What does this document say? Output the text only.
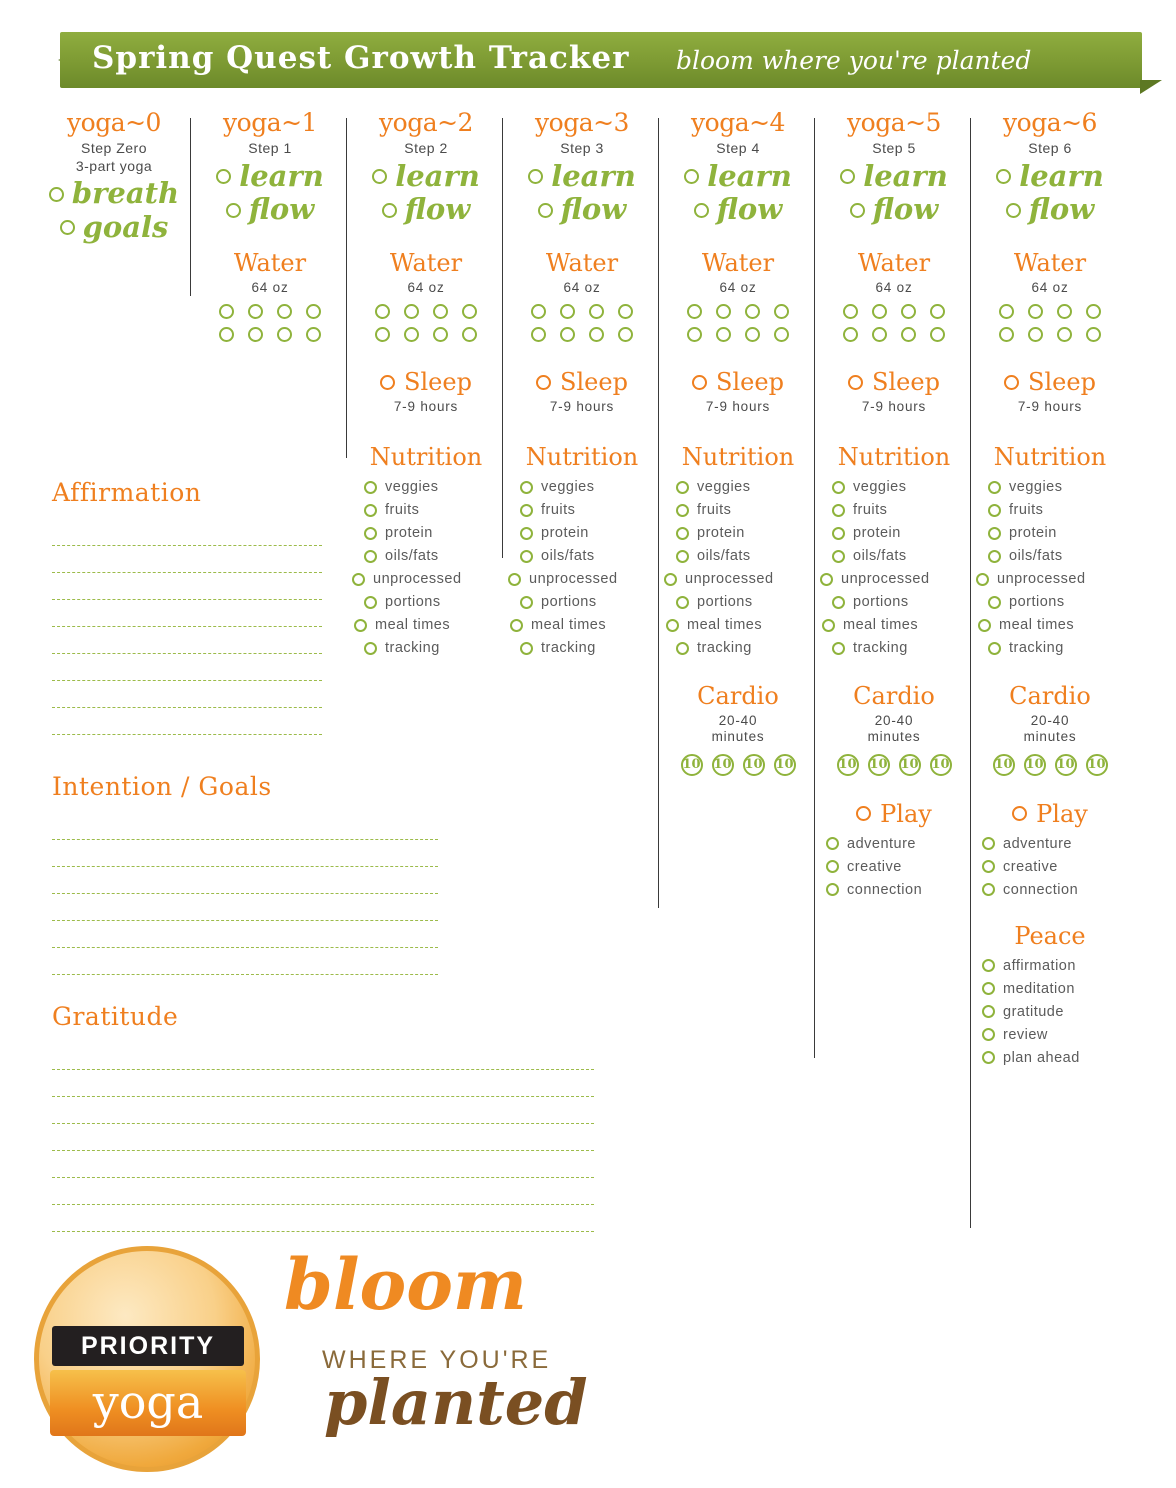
Spring Quest Growth Tracker bloom where you're planted
yoga~0
Step Zero
3-part yoga
breath
goals
yoga~1
Step 1
learn
flow
Water
64 oz
yoga~2
Step 2
learn
flow
Water
64 oz
Sleep
7-9 hours
Nutrition
veggies
fruits
protein
oils/fats
unprocessed
portions
meal times
tracking
yoga~3
Step 3
learn
flow
Water
64 oz
Sleep
7-9 hours
Nutrition
veggies
fruits
protein
oils/fats
unprocessed
portions
meal times
tracking
yoga~4
Step 4
learn
flow
Water
64 oz
Sleep
7-9 hours
Nutrition
veggies
fruits
protein
oils/fats
unprocessed
portions
meal times
tracking
Cardio
20-40
minutes
10 10 10 10
yoga~5
Step 5
learn
flow
Water
64 oz
Sleep
7-9 hours
Nutrition
veggies
fruits
protein
oils/fats
unprocessed
portions
meal times
tracking
Cardio
20-40
minutes
10 10 10 10
Play
adventure
creative
connection
yoga~6
Step 6
learn
flow
Water
64 oz
Sleep
7-9 hours
Nutrition
veggies
fruits
protein
oils/fats
unprocessed
portions
meal times
tracking
Cardio
20-40
minutes
10 10 10 10
Play
adventure
creative
connection
Peace
affirmation
meditation
gratitude
review
plan ahead
Affirmation
Intention / Goals
Gratitude
PRIORITY
yoga
bloom
WHERE YOU'RE
planted
